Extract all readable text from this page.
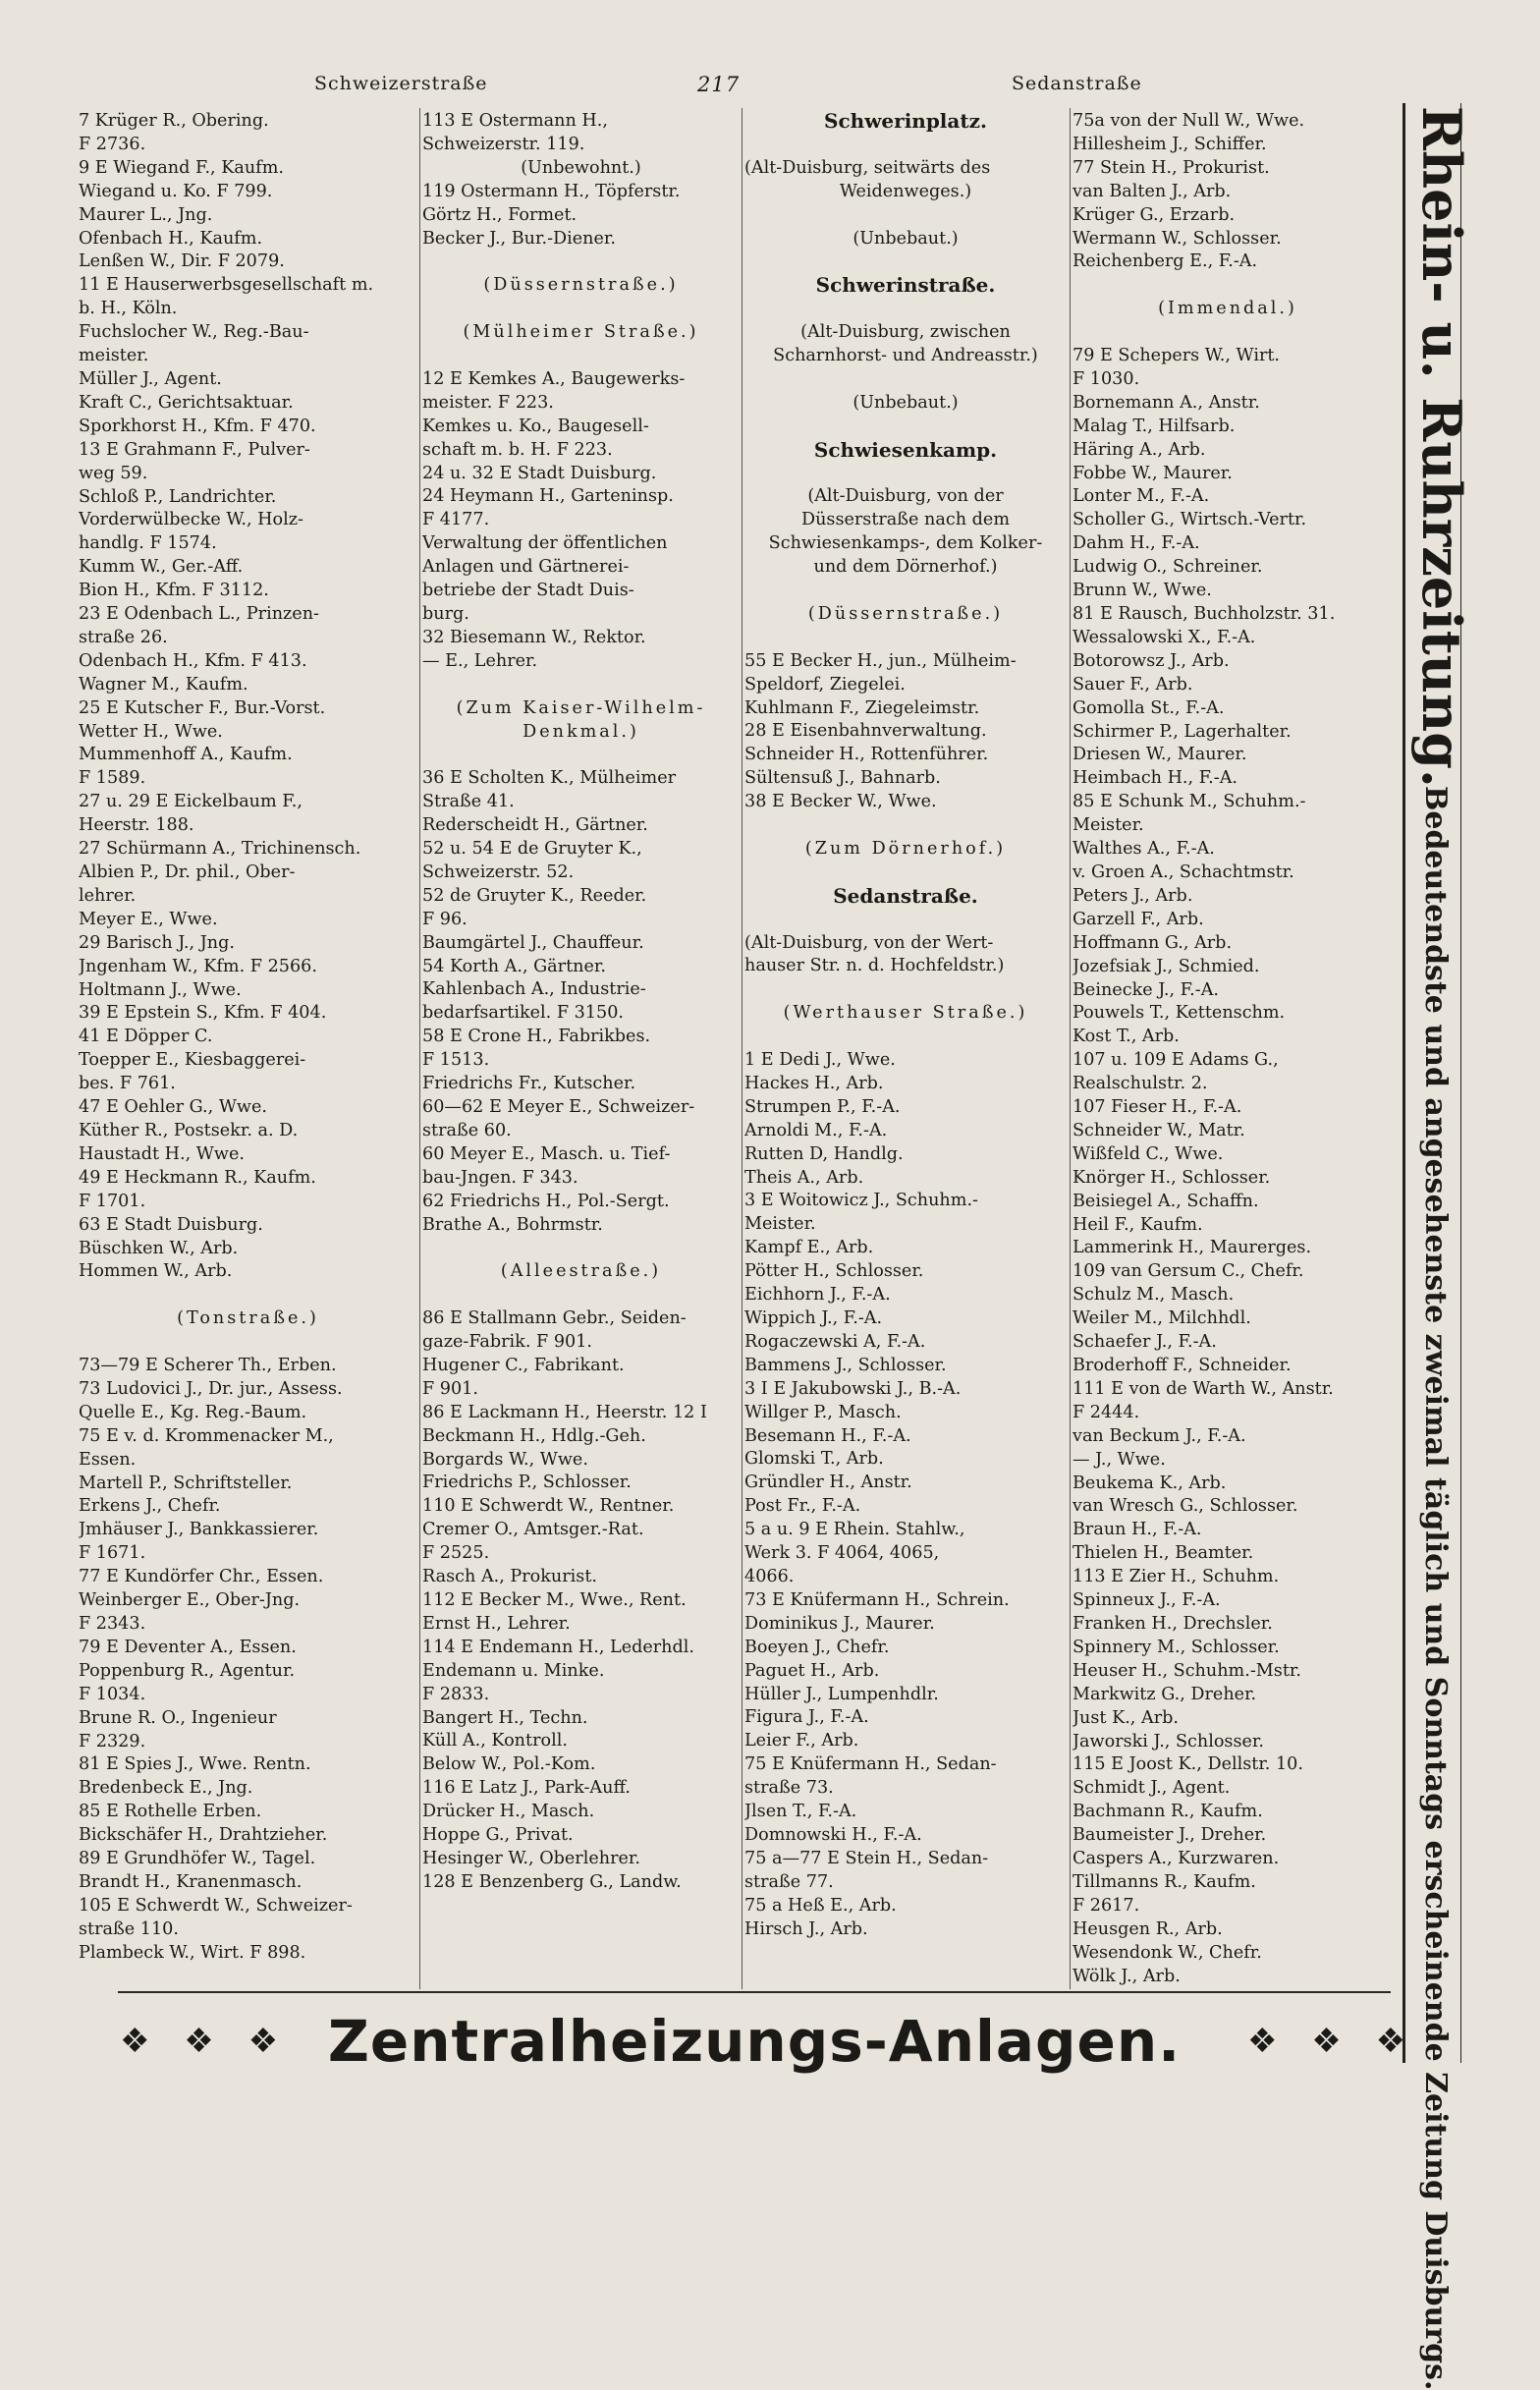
Schweizerstraße	217	Sedanstraße
7 Krüger R., Obering.
F 2736.
9 E Wiegand F., Kaufm.
Wiegand u. Ko. F 799.
Maurer L., Jng.
Ofenbach H., Kaufm.
Lenßen W., Dir. F 2079.
11 E Hauserwerbsgesellschaft m.
b. H., Köln.
Fuchslocher W., Reg.-Bau-
meister.
Müller J., Agent.
Kraft C., Gerichtsaktuar.
Sporkhorst H., Kfm. F 470.
13 E Grahmann F., Pulver-
weg 59.
Schloß P., Landrichter.
Vorderwülbecke W., Holz-
handlg. F 1574.
Kumm W., Ger.-Aff.
Bion H., Kfm. F 3112.
23 E Odenbach L., Prinzen-
straße 26.
Odenbach H., Kfm. F 413.
Wagner M., Kaufm.
25 E Kutscher F., Bur.-Vorst.
Wetter H., Wwe.
Mummenhoff A., Kaufm.
F 1589.
27 u. 29 E Eickelbaum F.,
Heerstr. 188.
27 Schürmann A., Trichinensch.
Albien P., Dr. phil., Ober-
lehrer.
Meyer E., Wwe.
29 Barisch J., Jng.
Jngenham W., Kfm. F 2566.
Holtmann J., Wwe.
39 E Epstein S., Kfm. F 404.
41 E Döpper C.
Toepper E., Kiesbaggerei-
bes. F 761.
47 E Oehler G., Wwe.
Küther R., Postsekr. a. D.
Haustadt H., Wwe.
49 E Heckmann R., Kaufm.
F 1701.
63 E Stadt Duisburg.
Büschken W., Arb.
Hommen W., Arb.
(Tonstraße.)
73—79 E Scherer Th., Erben.
73 Ludovici J., Dr. jur., Assess.
Quelle E., Kg. Reg.-Baum.
75 E v. d. Krommenacker M.,
Essen.
Martell P., Schriftsteller.
Erkens J., Chefr.
Jmhäuser J., Bankkassierer.
F 1671.
77 E Kundörfer Chr., Essen.
Weinberger E., Ober-Jng.
F 2343.
79 E Deventer A., Essen.
Poppenburg R., Agentur.
F 1034.
Brune R. O., Ingenieur
F 2329.
81 E Spies J., Wwe. Rentn.
Bredenbeck E., Jng.
85 E Rothelle Erben.
Bickschäfer H., Drahtzieher.
89 E Grundhöfer W., Tagel.
Brandt H., Kranenmasch.
105 E Schwerdt W., Schweizer-
straße 110.
Plambeck W., Wirt. F 898.
113 E Ostermann H.,
Schweizerstr. 119.
(Unbewohnt.)
119 Ostermann H., Töpferstr.
Görtz H., Formet.
Becker J., Bur.-Diener.
(Düssernstraße.)
(Mülheimer Straße.)
12 E Kemkes A., Baugewerks-
meister. F 223.
Kemkes u. Ko., Baugesell-
schaft m. b. H. F 223.
24 u. 32 E Stadt Duisburg.
24 Heymann H., Garteninsp.
F 4177.
Verwaltung der öffentlichen
Anlagen und Gärtnerei-
betriebe der Stadt Duis-
burg.
32 Biesemann W., Rektor.
— E., Lehrer.
(Zum Kaiser-Wilhelm-
Denkmal.)
36 E Scholten K., Mülheimer
Straße 41.
Rederscheidt H., Gärtner.
52 u. 54 E de Gruyter K.,
Schweizerstr. 52.
52 de Gruyter K., Reeder.
F 96.
Baumgärtel J., Chauffeur.
54 Korth A., Gärtner.
Kahlenbach A., Industrie-
bedarfsartikel. F 3150.
58 E Crone H., Fabrikbes.
F 1513.
Friedrichs Fr., Kutscher.
60—62 E Meyer E., Schweizer-
straße 60.
60 Meyer E., Masch. u. Tief-
bau-Jngen. F 343.
62 Friedrichs H., Pol.-Sergt.
Brathe A., Bohrmstr.
(Alleestraße.)
86 E Stallmann Gebr., Seiden-
gaze-Fabrik. F 901.
Hugener C., Fabrikant.
F 901.
86 E Lackmann H., Heerstr. 12 I
Beckmann H., Hdlg.-Geh.
Borgards W., Wwe.
Friedrichs P., Schlosser.
110 E Schwerdt W., Rentner.
Cremer O., Amtsger.-Rat.
F 2525.
Rasch A., Prokurist.
112 E Becker M., Wwe., Rent.
Ernst H., Lehrer.
114 E Endemann H., Lederhdl.
Endemann u. Minke.
F 2833.
Bangert H., Techn.
Küll A., Kontroll.
Below W., Pol.-Kom.
116 E Latz J., Park-Auff.
Drücker H., Masch.
Hoppe G., Privat.
Hesinger W., Oberlehrer.
128 E Benzenberg G., Landw.
Schwerinplatz.
(Alt-Duisburg, seitwärts des
Weidenweges.)
(Unbebaut.)
Schwerinstraße.
(Alt-Duisburg, zwischen
Scharnhorst- und Andreasstr.)
(Unbebaut.)
Schwiesenkamp.
(Alt-Duisburg, von der
Düsserstraße nach dem
Schwiesenkamps-, dem Kolker-
und dem Dörnerhof.)
(Düssernstraße.)
55 E Becker H., jun., Mülheim-
Speldorf, Ziegelei.
Kuhlmann F., Ziegeleimstr.
28 E Eisenbahnverwaltung.
Schneider H., Rottenführer.
Sültensuß J., Bahnarb.
38 E Becker W., Wwe.
(Zum Dörnerhof.)
Sedanstraße.
(Alt-Duisburg, von der Wert-
hauser Str. n. d. Hochfeldstr.)
(Werthauser Straße.)
1 E Dedi J., Wwe.
Hackes H., Arb.
Strumpen P., F.-A.
Arnoldi M., F.-A.
Rutten D, Handlg.
Theis A., Arb.
3 E Woitowicz J., Schuhm.-
Meister.
Kampf E., Arb.
Pötter H., Schlosser.
Eichhorn J., F.-A.
Wippich J., F.-A.
Rogaczewski A, F.-A.
Bammens J., Schlosser.
3 I E Jakubowski J., B.-A.
Willger P., Masch.
Besemann H., F.-A.
Glomski T., Arb.
Gründler H., Anstr.
Post Fr., F.-A.
5 a u. 9 E Rhein. Stahlw.,
Werk 3. F 4064, 4065,
4066.
73 E Knüfermann H., Schrein.
Dominikus J., Maurer.
Boeyen J., Chefr.
Paguet H., Arb.
Hüller J., Lumpenhdlr.
Figura J., F.-A.
Leier F., Arb.
75 E Knüfermann H., Sedan-
straße 73.
Jlsen T., F.-A.
Domnowski H., F.-A.
75 a—77 E Stein H., Sedan-
straße 77.
75 a Heß E., Arb.
Hirsch J., Arb.
75a von der Null W., Wwe.
Hillesheim J., Schiffer.
77 Stein H., Prokurist.
van Balten J., Arb.
Krüger G., Erzarb.
Wermann W., Schlosser.
Reichenberg E., F.-A.
(Immendal.)
79 E Schepers W., Wirt.
F 1030.
Bornemann A., Anstr.
Malag T., Hilfsarb.
Häring A., Arb.
Fobbe W., Maurer.
Lonter M., F.-A.
Scholler G., Wirtsch.-Vertr.
Dahm H., F.-A.
Ludwig O., Schreiner.
Brunn W., Wwe.
81 E Rausch, Buchholzstr. 31.
Wessalowski X., F.-A.
Botorowsz J., Arb.
Sauer F., Arb.
Gomolla St., F.-A.
Schirmer P., Lagerhalter.
Driesen W., Maurer.
Heimbach H., F.-A.
85 E Schunk M., Schuhm.-
Meister.
Walthes A., F.-A.
v. Groen A., Schachtmstr.
Peters J., Arb.
Garzell F., Arb.
Hoffmann G., Arb.
Jozefsiak J., Schmied.
Beinecke J., F.-A.
Pouwels T., Kettenschm.
Kost T., Arb.
107 u. 109 E Adams G.,
Realschulstr. 2.
107 Fieser H., F.-A.
Schneider W., Matr.
Wißfeld C., Wwe.
Knörger H., Schlosser.
Beisiegel A., Schaffn.
Heil F., Kaufm.
Lammerink H., Maurerges.
109 van Gersum C., Chefr.
Schulz M., Masch.
Weiler M., Milchhdl.
Schaefer J., F.-A.
Broderhoff F., Schneider.
111 E von de Warth W., Anstr.
F 2444.
van Beckum J., F.-A.
— J., Wwe.
Beukema K., Arb.
van Wresch G., Schlosser.
Braun H., F.-A.
Thielen H., Beamter.
113 E Zier H., Schuhm.
Spinneux J., F.-A.
Franken H., Drechsler.
Spinnery M., Schlosser.
Heuser H., Schuhm.-Mstr.
Markwitz G., Dreher.
Just K., Arb.
Jaworski J., Schlosser.
115 E Joost K., Dellstr. 10.
Schmidt J., Agent.
Bachmann R., Kaufm.
Baumeister J., Dreher.
Caspers A., Kurzwaren.
Tillmanns R., Kaufm.
F 2617.
Heusgen R., Arb.
Wesendonk W., Chefr.
Wölk J., Arb.
❖ ❖ ❖ Zentralheizungs-Anlagen.	❖ ❖ ❖
Rhein- u. Ruhrzeitung.
Bedeutendste und angesehenste zweimal täglich und Sonntags erscheinende Zeitung Duisburgs.
